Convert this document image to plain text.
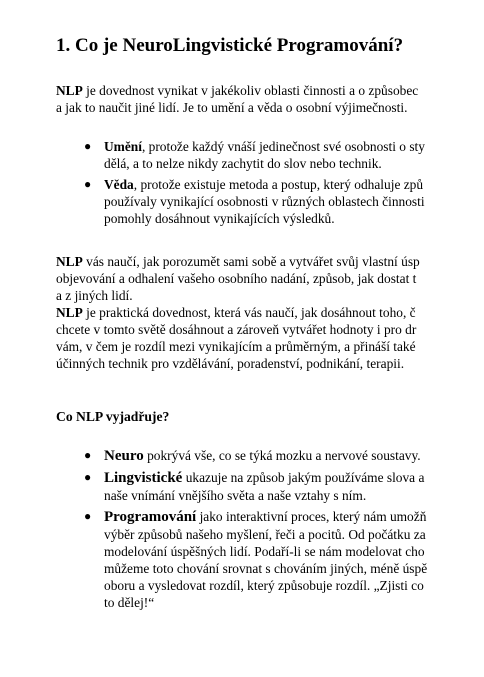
1. Co je NeuroLingvistické Programování?

NLP je dovednost vynikat v jakékoliv oblasti činnosti a o způsobec
a jak to naučit jiné lidí. Je to umění a věda o osobní výjimečnosti.

● Umění, protože každý vnáší jedinečnost své osobnosti o sty
dělá, a to nelze nikdy zachytit do slov nebo technik.
● Věda, protože existuje metoda a postup, který odhaluje způ
používaly vynikající osobnosti v různých oblastech činnosti
pomohly dosáhnout vynikajících výsledků.

NLP vás naučí, jak porozumět sami sobě a vytvářet svůj vlastní úsp
objevování a odhalení vašeho osobního nadání, způsob, jak dostat t
a z jiných lidí.

NLP je praktická dovednost, která vás naučí, jak dosáhnout toho, č
chcete v tomto světě dosáhnout a zároveň vytvářet hodnoty i pro dr
vám, v čem je rozdíl mezi vynikajícím a průměrným, a přináší také
účinných technik pro vzdělávání, poradenství, podnikání, terapii.

Co NLP vyjadřuje?
● Neuro pokrývá vše, co se týká mozku a nervové soustavy.
● Lingvistické ukazuje na způsob jakým používáme slova a
naše vnímání vnějšího světa a naše vztahy s ním.
● Programování jako interaktivní proces, který nám umožň
výběr způsobů našeho myšlení, řeči a pocitů. Od počátku za
modelování úspěšných lidí. Podaří-li se nám modelovat cho
můžeme toto chování srovnat s chováním jiných, méně úspě
oboru a vysledovat rozdíl, který způsobuje rozdíl. „Zjisti co
to dělej!“
